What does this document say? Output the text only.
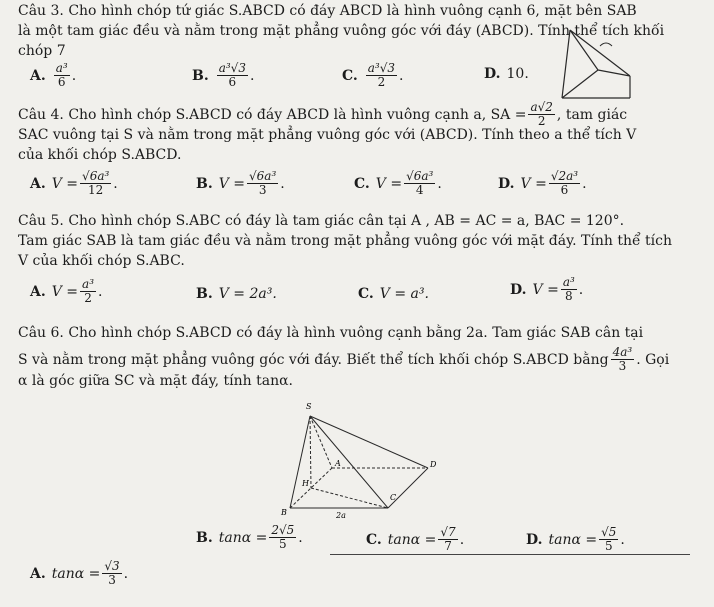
Câu 3. Cho hình chóp tứ giác S.ABCD có đáy ABCD là hình vuông cạnh 6, mặt bên SAB
là một tam giác đều và nằm trong mặt phẳng vuông góc với đáy (ABCD). Tính thể tích khối
chóp 7
A. $\frac{\text{a³}}{6}$ .	B. $\frac{\text{a³√3}}{6}$ .	C. $\frac{\text{a³√3}}{2}$ .	D. 10.
Câu 4. Cho hình chóp S.ABCD có đáy ABCD là hình vuông cạnh a, SA = $\frac{a√2}{2}$ , tam giác
SAC vuông tại S và nằm trong mặt phẳng vuông góc với (ABCD). Tính theo a thể tích V
của khối chóp S.ABCD.
A. $V = \frac{\text{√6a³}}{12}$ .	B. $V = \frac{\text{√6a³}}{3}$ .	C. $V = \frac{\text{√6a³}}{4}$ .	D. $V = \frac{\text{√2a³}}{6}$ .
Câu 5. Cho hình chóp S.ABC có đáy là tam giác cân tại A , AB = AC = a, BAC = 120°.
Tam giác SAB là tam giác đều và nằm trong mặt phẳng vuông góc với mặt đáy. Tính thể tích
V của khối chóp S.ABC.
A. $V = \frac{\text{a³}}{2}$ .	B. V = 2a³.	C. V = a³.	D. $V = \frac{\text{a³}}{8}$ .
Câu 6. Cho hình chóp S.ABCD có đáy là hình vuông cạnh bằng 2a. Tam giác SAB cân tại
S và nằm trong mặt phẳng vuông góc với đáy. Biết thể tích khối chóp S.ABCD bằng $\frac{\text{4a³}}{3}$ . Gọi
α là góc giữa SC và mặt đáy, tính tanα.
S
A
B
C
D
H
2a
C. $\tan\alpha = \frac{√7}{7}$ .	D. $\tan\alpha = \frac{√5}{5}$ .
B. $\tan\alpha = \frac{2√5}{5}$ .
A. $\tan\alpha = \frac{√3}{3}$ .
